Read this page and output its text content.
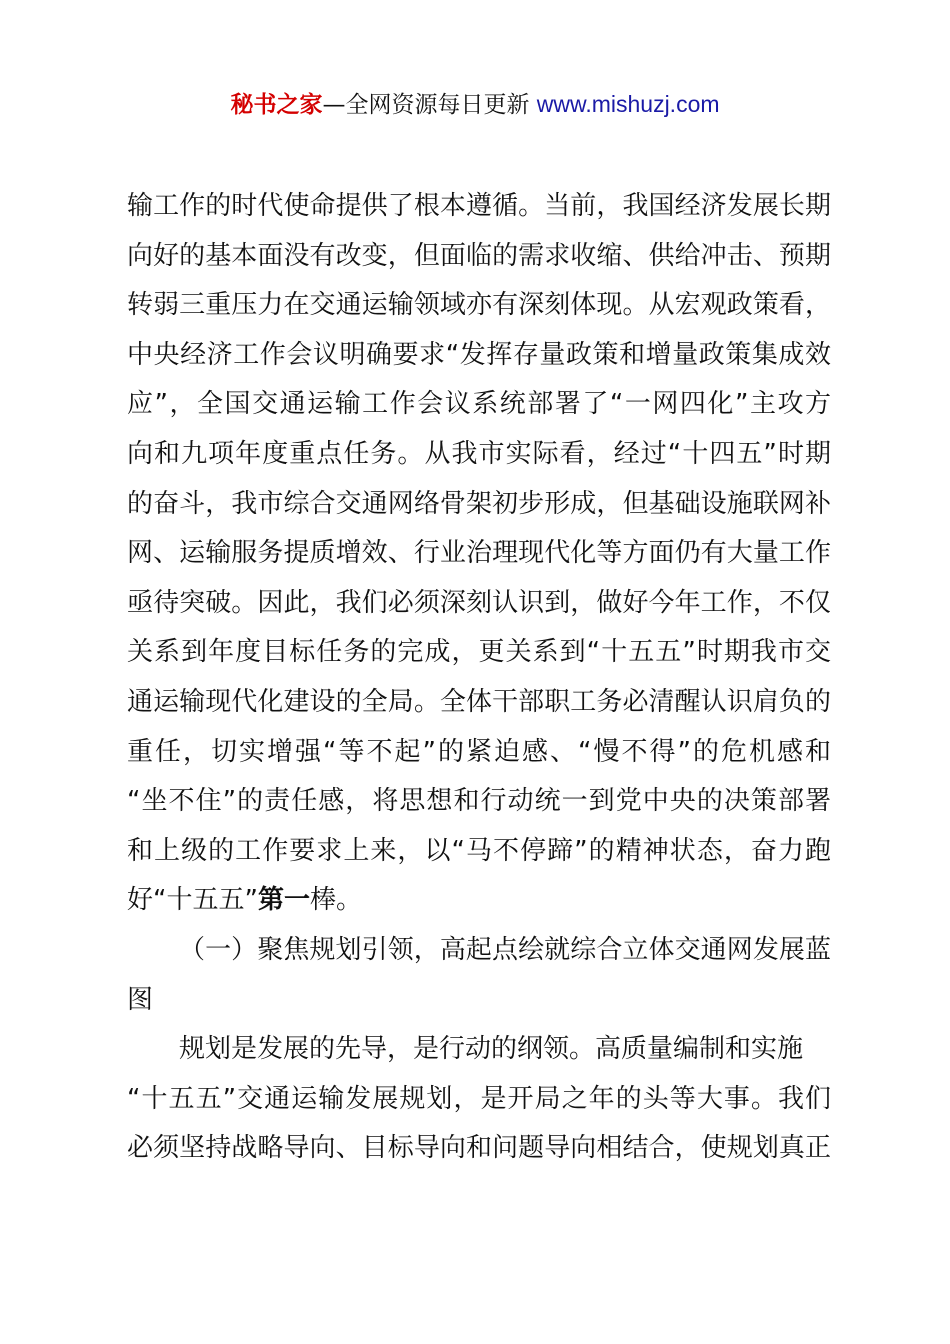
秘书之家—全网资源每日更新 www.mishuzj.com
输工作的时代使命提供了根本遵循。当前，我国经济发展长期
向好的基本面没有改变，但面临的需求收缩、供给冲击、预期
转弱三重压力在交通运输领域亦有深刻体现。从宏观政策看，
中央经济工作会议明确要求“发挥存量政策和增量政策集成效
应”，全国交通运输工作会议系统部署了“一网四化”主攻方
向和九项年度重点任务。从我市实际看，经过“十四五”时期
的奋斗，我市综合交通网络骨架初步形成，但基础设施联网补
网、运输服务提质增效、行业治理现代化等方面仍有大量工作
亟待突破。因此，我们必须深刻认识到，做好今年工作，不仅
关系到年度目标任务的完成，更关系到“十五五”时期我市交
通运输现代化建设的全局。全体干部职工务必清醒认识肩负的
重任，切实增强“等不起”的紧迫感、“慢不得”的危机感和
“坐不住”的责任感，将思想和行动统一到党中央的决策部署
和上级的工作要求上来，以“马不停蹄”的精神状态，奋力跑
好“十五五”第一棒。
（一）聚焦规划引领，高起点绘就综合立体交通网发展蓝
图
规划是发展的先导，是行动的纲领。高质量编制和实施
“十五五”交通运输发展规划，是开局之年的头等大事。我们
必须坚持战略导向、目标导向和问题导向相结合，使规划真正
